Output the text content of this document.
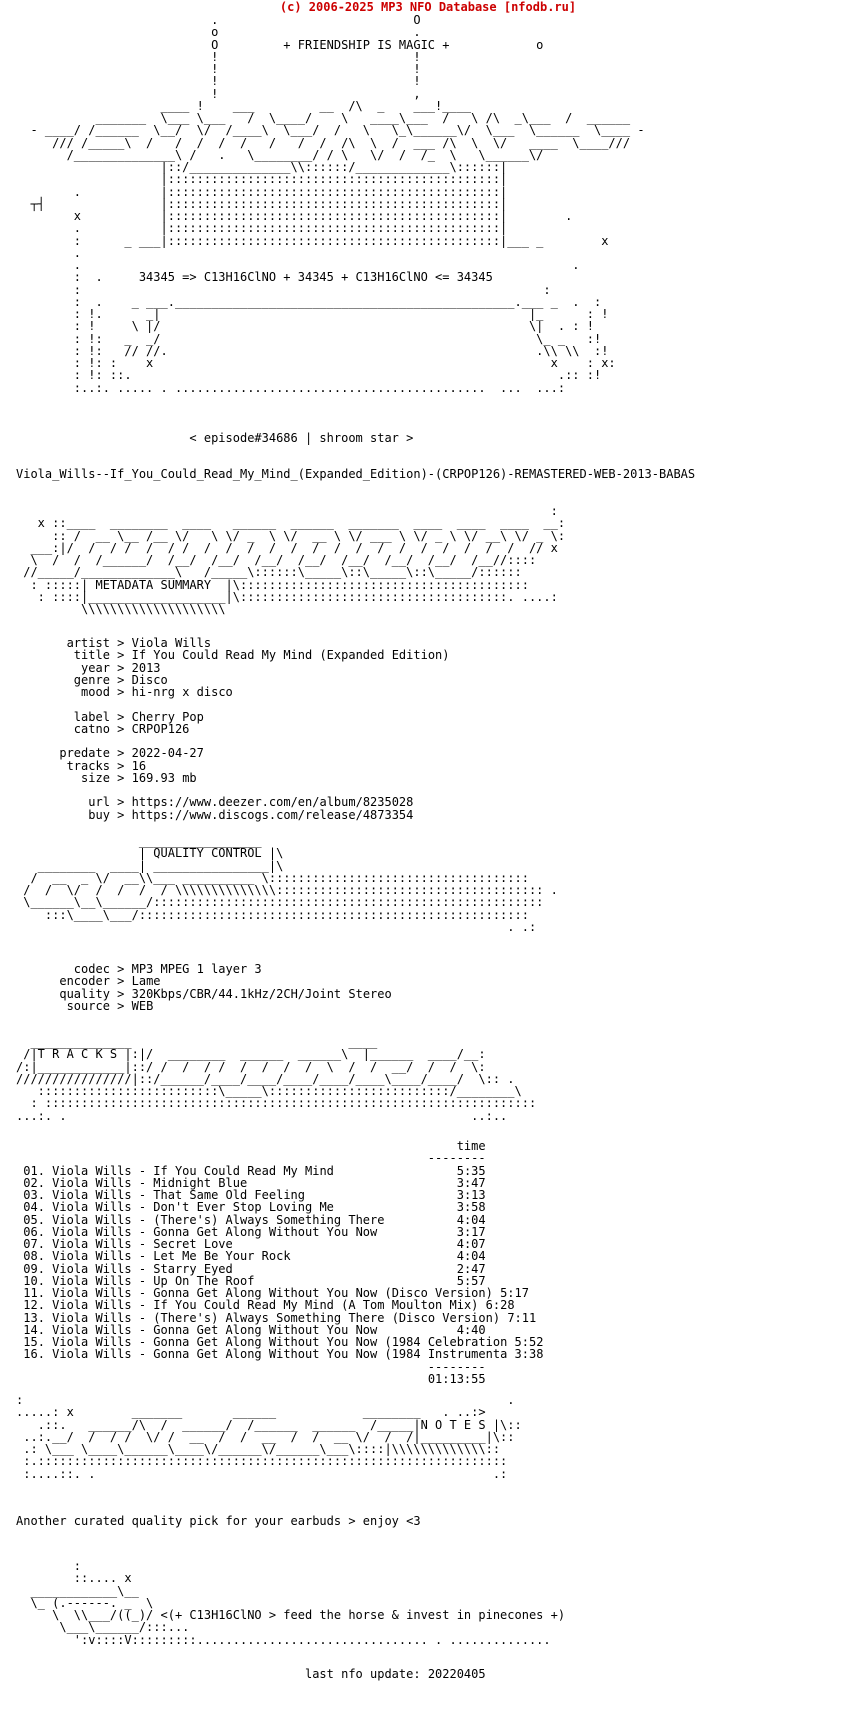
(c) 2006-2025 MP3 NFO Database [nfodb.ru]
.                           O
o                           .
O         + FRIENDSHIP IS MAGIC +            o
!                           !
!                           !
!                           !
!                           ,
____ !    ___         __  /\  _    ___!____
_______  \___ \___   /  \____/    \   ____\___  /   \ /\  _\___  /  ______
- ____/ /______  \__/  \/  /____\  \___/  /   \   \_\______\/  \___  \______  \____ -
/// /_____\  /   /  /  /  /   /   /  /  /\  \  /  ___ /\  \  \/   ____  \____///
/______________\ /   .   \________/ / \   \/  /  /_  \   \______\/
|::/______________\\::::::/_____________\::::::|
|::::::::::::::::::::::::::::::::::::::::::::::|
.           |::::::::::::::::::::::::::::::::::::::::::::::|
┬┤                |::::::::::::::::::::::::::::::::::::::::::::::|
x           |::::::::::::::::::::::::::::::::::::::::::::::|        .
.           |::::::::::::::::::::::::::::::::::::::::::::::|
:      _ ___|::::::::::::::::::::::::::::::::::::::::::::::|___ _        x
.
.                                                                    .
:  .     34345 => C13H16ClNO + 34345 + C13H16ClNO <= 34345
:                                                                :
:  .    _ ___._______________________________________________.___ _  .  :
: !.      _|                                                   |_      : !
: !     \ |/                                                   \|  . : !
: !:   _  _/                                                    \_ _   :!
: !:   // //.                                                   .\\ \\  :!
: !: :    x                                                       x    : x:
: !: ::.                                                           .:: :!
:..:. ..... . ...........................................  ...  ...:
< episode#34686 | shroom star >
Viola_Wills--If_You_Could_Read_My_Mind_(Expanded_Edition)-(CRPOP126)-REMASTERED-WEB-2013-BABAS
:
x ::____  ________  ____   ______  ______  _______  ____  ____  ____  __:
:: /  __ \__ /__ \/   \ \/ _  \ \/  __ \ \/ ___ \ \/ _ \ \/ __\ \/ _ \:
___:|/  /  / /  /  / /  /  /  /  /  /  /  /  /  /  /  /  /  /  /  /  // x
\  /  /  /______/  /__/  /__/  /__/  /__/  /__/  /__/  /__/  /__//::::
//_____/_____________\   /_____\::::::\_____\::\_____\::\_____/::::::
: :::::| METADATA SUMMARY  |\::::::::::::::::::::::::::::::::::::::::
: ::::|___________________|\:::::::::::::::::::::::::::::::::::::. ....:
\\\\\\\\\\\\\\\\\\\\
artist > Viola Wills
title > If You Could Read My Mind (Expanded Edition)
year > 2013
genre > Disco
mood > hi-nrg x disco

label > Cherry Pop
catno > CRPOP126

predate > 2022-04-27
tracks > 16
size > 169.93 mb

url > https://www.deezer.com/en/album/8235028
buy > https://www.discogs.com/release/4873354

_________________
| QUALITY CONTROL |\
________  ____| ________________|\
/  __  _ \/  __\\___ __________ \::::::::::::::::::::::::::::::::::::
/  /  \/  /  /  /  / \\\\\\\\\\\\\\::::::::::::::::::::::::::::::::::::: .
\______\__\______/::::::::::::::::::::::::::::::::::::::::::::::::::::::
:::\____\___/::::::::::::::::::::::::::::::::::::::::::::::::::::::
. .:
codec > MP3 MPEG 1 layer 3
encoder > Lame
quality > 320Kbps/CBR/44.1kHz/2CH/Joint Stereo
source > WEB

______________                              ____
/|T R A C K S |:|/  ________  ______  ______\  |______  ____/__:
/:|____________|::/ /  /  / /  /  /  /  /  \  /  /  __/  /  /  \:
////////////////|::/______/____/____/____/____/____\____/____/  \:: .
:::::::::::::::::::::::::\_____\:::::::::::::::::::::::::/________\
: ::::::::::::::::::::::::::::::::::::::::::::::::::::::::::::::::::::
...:. .                                                        ..:..
time
--------
01. Viola Wills - If You Could Read My Mind	5:35
02. Viola Wills - Midnight Blue	3:47
03. Viola Wills - That Same Old Feeling	3:13
04. Viola Wills - Don't Ever Stop Loving Me	3:58
05. Viola Wills - (There's) Always Something There	4:04
06. Viola Wills - Gonna Get Along Without You Now	3:17
07. Viola Wills - Secret Love	4:07
08. Viola Wills - Let Me Be Your Rock	4:04
09. Viola Wills - Starry Eyed	2:47
10. Viola Wills - Up On The Roof	5:57
11. Viola Wills - Gonna Get Along Without You Now (Disco Version) 5:17
12. Viola Wills - If You Could Read My Mind (A Tom Moulton Mix) 6:28
13. Viola Wills - (There's) Always Something There (Disco Version) 7:11
14. Viola Wills - Gonna Get Along Without You Now	4:40
15. Viola Wills - Gonna Get Along Without You Now (1984 Celebration 5:52
16. Viola Wills - Gonna Get Along Without You Now (1984 Instrumenta 3:38
--------
01:13:55
:                                                                   .
.....: x        _______       ______            ________   . ..:>
.::.   ______/\  /  ______/  /______  ______  /_____|N O T E S |\::
..:.__/  /  / /  \/ /  __  /  /  __  /  /  __ \/  /  /|_________|\::
.: \___ \____\______\____\/______\/______\___\::::|\\\\\\\\\\\\\::
:.:::::::::::::::::::::::::::::::::::::::::::::::::::::::::::::::::
:....::. .                                                       .:
Another curated quality pick for your earbuds > enjoy <3
:
::.... x
____________\__
\_ (.------. _  \
\  \\___/((_)/ <(+ C13H16ClNO > feed the horse & invest in pinecones +)
\___\______/:::...
':v::::V:::::::::................................ . ..............
last nfo update: 20220405
